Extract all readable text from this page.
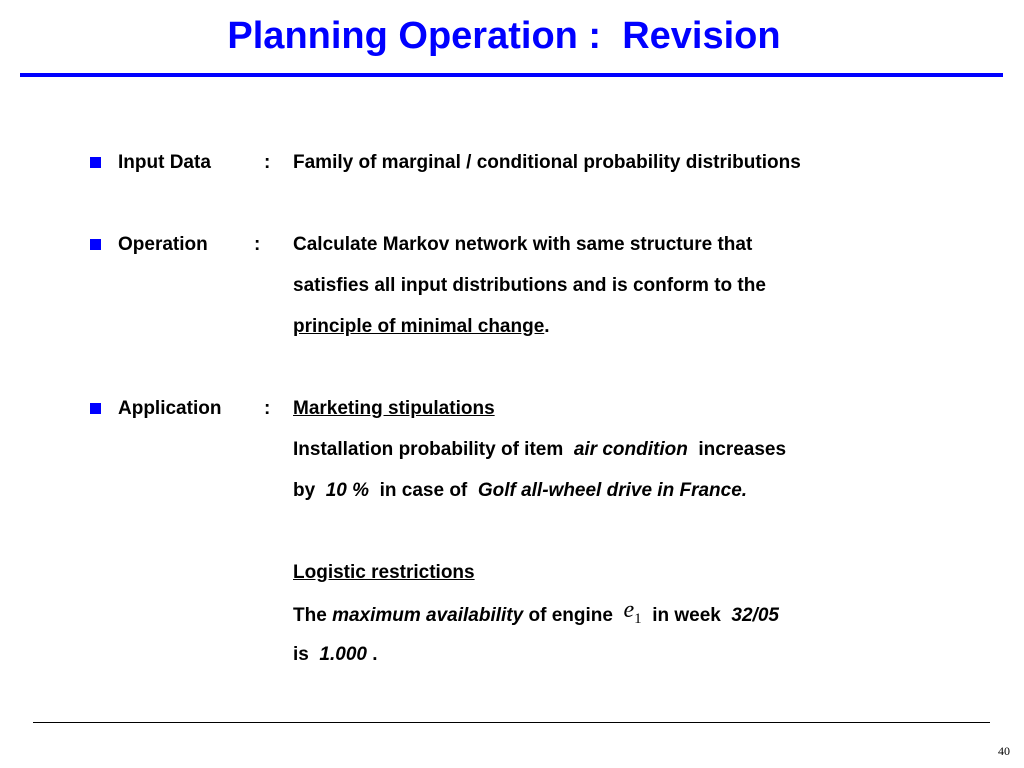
Planning Operation :  Revision
Input Data	: Family of marginal / conditional probability distributions
Operation : Calculate Markov network with same structure that
satisfies all input distributions and is conform to the
principle of minimal change.
Application : Marketing stipulations
Installation probability of item  air condition  increases
by  10 %  in case of  Golf all-wheel drive in France.
Logistic restrictions
The maximum availability of engine  $e_1$  in week  32/05
is  1.000 .
40
